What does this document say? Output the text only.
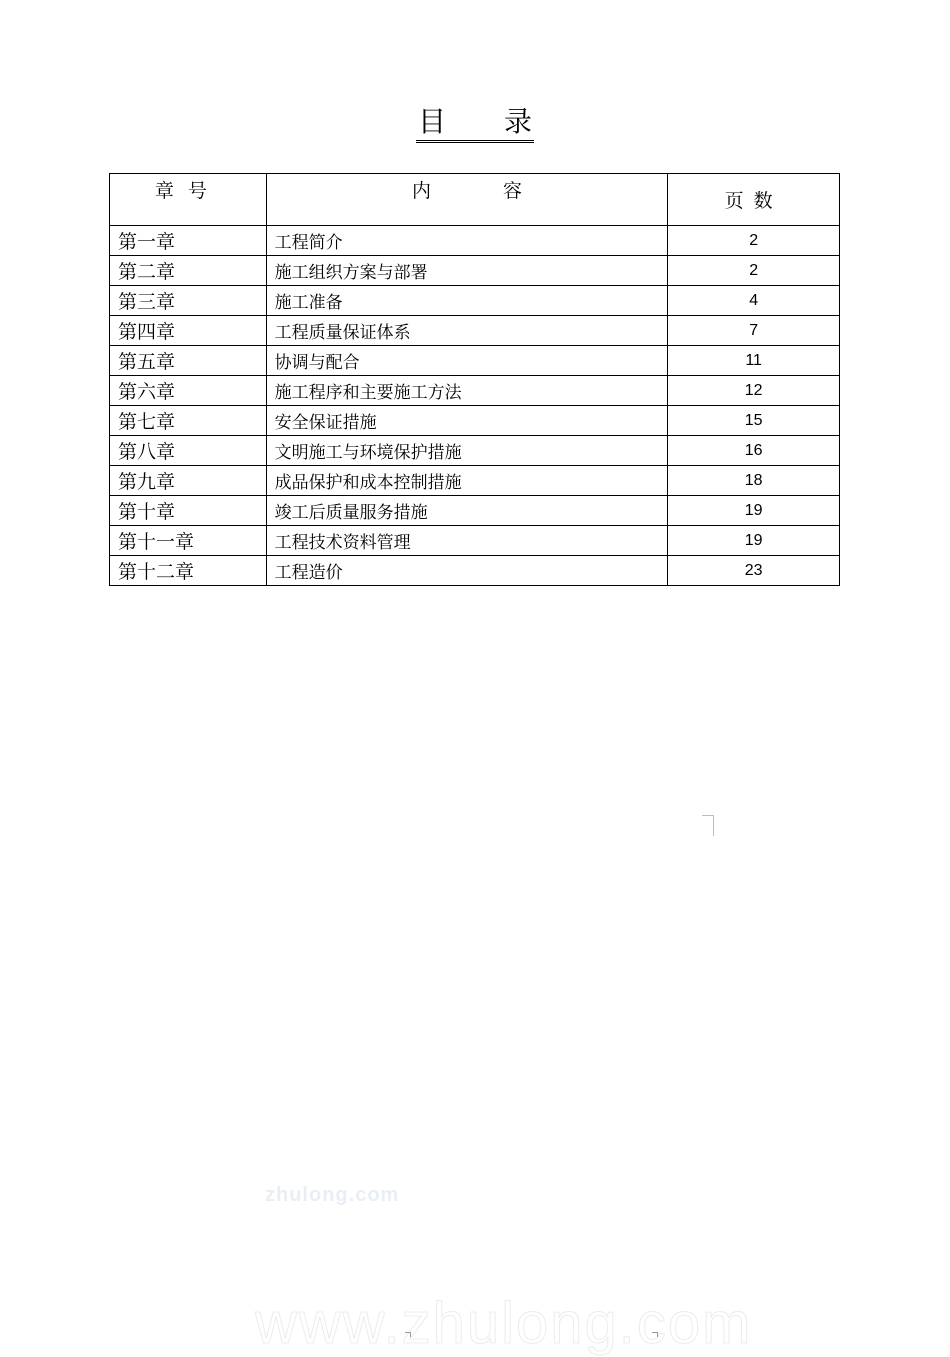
目 录
章号	内 容	页数
第一章	工程简介	2
第二章	施工组织方案与部署	2
第三章	施工准备	4
第四章	工程质量保证体系	7
第五章	协调与配合	11
第六章	施工程序和主要施工方法	12
第七章	安全保证措施	15
第八章	文明施工与环境保护措施	16
第九章	成品保护和成本控制措施	18
第十章	竣工后质量服务措施	19
第十一章	工程技术资料管理	19
第十二章	工程造价	23
zhulong.com
www.zhulong.com
